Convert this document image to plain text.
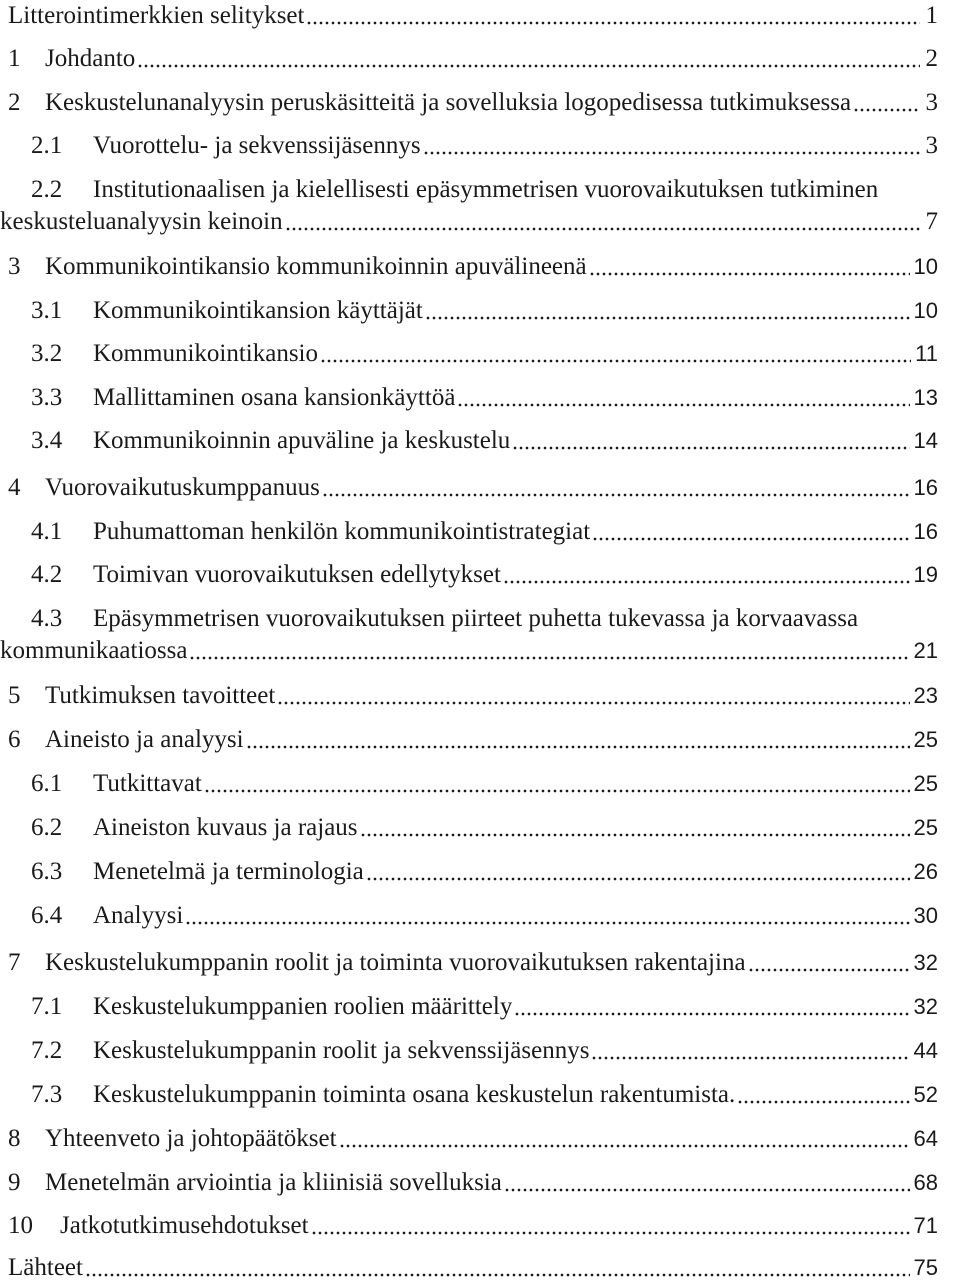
Litterointimerkkien selitykset	1
1 Johdanto	2
2 Keskustelunanalyysin peruskäsitteitä ja sovelluksia logopedisessa tutkimuksessa	3
2.1	Vuorottelu- ja sekvenssijäsennys	3
2.2 Institutionaalisen ja kielellisesti epäsymmetrisen vuorovaikutuksen tutkiminen
keskusteluanalyysin keinoin	7
3 Kommunikointikansio kommunikoinnin apuvälineenä	10
3.1	Kommunikointikansion käyttäjät	10
3.2	Kommunikointikansio	11
3.3	Mallittaminen osana kansionkäyttöä	13
3.4	Kommunikoinnin apuväline ja keskustelu	14
4 Vuorovaikutuskumppanuus	16
4.1	Puhumattoman henkilön kommunikointistrategiat	16
4.2	Toimivan vuorovaikutuksen edellytykset	19
4.3 Epäsymmetrisen vuorovaikutuksen piirteet puhetta tukevassa ja korvaavassa
kommunikaatiossa	21
5 Tutkimuksen tavoitteet	23
6 Aineisto ja analyysi	25
6.1	Tutkittavat	25
6.2	Aineiston kuvaus ja rajaus	25
6.3	Menetelmä ja terminologia	26
6.4	Analyysi	30
7 Keskustelukumppanin roolit ja toiminta vuorovaikutuksen rakentajina	32
7.1	Keskustelukumppanien roolien määrittely	32
7.2	Keskustelukumppanin roolit ja sekvenssijäsennys	44
7.3	Keskustelukumppanin toiminta osana keskustelun rakentumista.	52
8 Yhteenveto ja johtopäätökset	64
9 Menetelmän arviointia ja kliinisiä sovelluksia	68
10	Jatkotutkimusehdotukset	71
Lähteet	75
